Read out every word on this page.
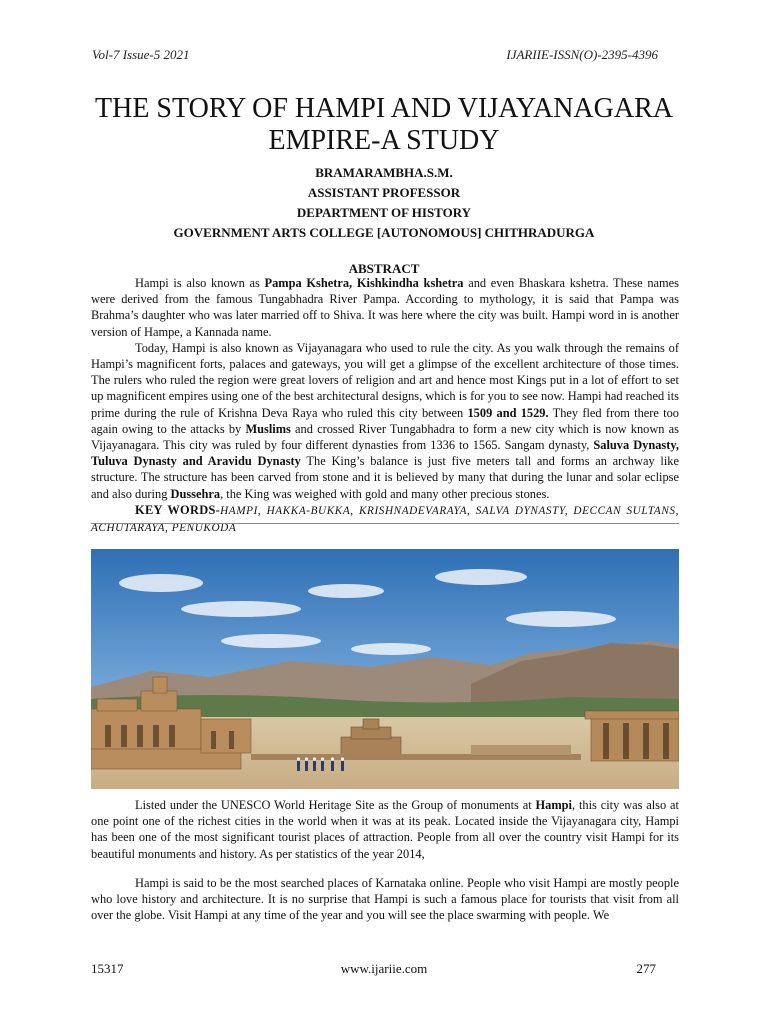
Vol-7 Issue-5 2021	IJARIIE-ISSN(O)-2395-4396
THE STORY OF HAMPI AND VIJAYANAGARA EMPIRE-A STUDY
BRAMARAMBHA.S.M.
ASSISTANT PROFESSOR
DEPARTMENT OF HISTORY
GOVERNMENT ARTS COLLEGE [AUTONOMOUS] CHITHRADURGA
ABSTRACT

Hampi is also known as Pampa Kshetra, Kishkindha kshetra and even Bhaskara kshetra. These names were derived from the famous Tungabhadra River Pampa. According to mythology, it is said that Pampa was Brahma’s daughter who was later married off to Shiva. It was here where the city was built. Hampi word in is another version of Hampe, a Kannada name.

Today, Hampi is also known as Vijayanagara who used to rule the city. As you walk through the remains of Hampi’s magnificent forts, palaces and gateways, you will get a glimpse of the excellent architecture of those times. The rulers who ruled the region were great lovers of religion and art and hence most Kings put in a lot of effort to set up magnificent empires using one of the best architectural designs, which is for you to see now. Hampi had reached its prime during the rule of Krishna Deva Raya who ruled this city between 1509 and 1529. They fled from there too again owing to the attacks by Muslims and crossed River Tungabhadra to form a new city which is now known as Vijayanagara. This city was ruled by four different dynasties from 1336 to 1565. Sangam dynasty, Saluva Dynasty, Tuluva Dynasty and Aravidu Dynasty The King’s balance is just five meters tall and forms an archway like structure. The structure has been carved from stone and it is believed by many that during the lunar and solar eclipse and also during Dussehra, the King was weighed with gold and many other precious stones.

KEY WORDS-HAMPI, HAKKA-BUKKA, KRISHNADEVARAYA, SALVA DYNASTY, DECCAN SULTANS, ACHUTARAYA, PENUKODA

Listed under the UNESCO World Heritage Site as the Group of monuments at Hampi, this city was also at one point one of the richest cities in the world when it was at its peak. Located inside the Vijayanagara city, Hampi has been one of the most significant tourist places of attraction. People from all over the country visit Hampi for its beautiful monuments and history. As per statistics of the year 2014,

Hampi is said to be the most searched places of Karnataka online. People who visit Hampi are mostly people who love history and architecture. It is no surprise that Hampi is such a famous place for tourists that visit from all over the globe. Visit Hampi at any time of the year and you will see the place swarming with people. We

15317	www.ijariie.com	277
